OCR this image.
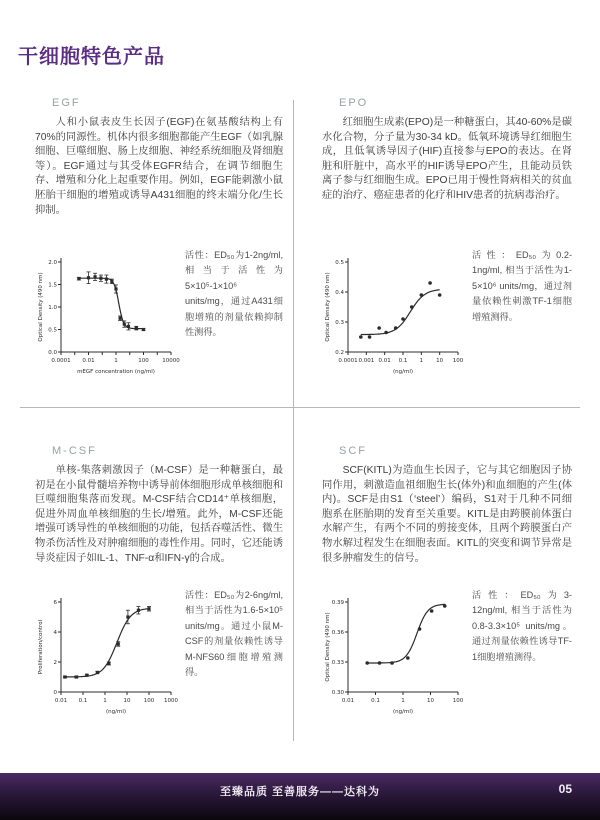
干细胞特色产品
EGF

人和小鼠表皮生长因子(EGF)在氨基酸结构上有70%的同源性。机体内很多细胞都能产生EGF（如乳腺细胞、巨噬细胞、肠上皮细胞、神经系统细胞及肾细胞等）。EGF通过与其受体EGFR结合，在调节细胞生存、增殖和分化上起重要作用。例如，EGF能刺激小鼠胚胎干细胞的增殖或诱导A431细胞的终末端分化/生长抑制。

0.0
0.5
1.0
1.5
2.0
0.0001 0.01	1	100 10000
mEGF concentration (ng/ml)
Optical Density (490 nm)

活性：ED₅₀为1-2ng/ml, 相当于活性为5×10⁵-1×10⁶ units/mg，通过A431细胞增殖的剂量依赖抑制性测得。

EPO

红细胞生成素(EPO)是一种糖蛋白，其40-60%是碳水化合物，分子量为30-34 kD。低氧环境诱导红细胞生成，且低氧诱导因子(HIF)直接参与EPO的表达。在肾脏和肝脏中，高水平的HIF诱导EPO产生，且能动员铁离子参与红细胞生成。EPO已用于慢性肾病相关的贫血症的治疗、癌症患者的化疗和HIV患者的抗病毒治疗。

0.2
0.3
0.4
0.5
0.0001 0.001 0.01 0.1 1 10 100
(ng/ml)
Optical Density (490 nm)

活性：ED₅₀为0.2-1ng/ml, 相当于活性为1-5×10⁶ units/mg，通过剂量依赖性刺激TF-1细胞增殖测得。

M-CSF

单核-集落刺激因子（M-CSF）是一种糖蛋白，最初是在小鼠骨髓培养物中诱导前体细胞形成单核细胞和巨噬细胞集落而发现。M-CSF结合CD14⁺单核细胞，促进外周血单核细胞的生长/增殖。此外，M-CSF还能增强可诱导性的单核细胞的功能，包括吞噬活性、微生物杀伤活性及对肿瘤细胞的毒性作用。同时，它还能诱导炎症因子如IL-1、TNF-α和IFN-γ的合成。

0
2
4
6
0.01 0.1	1	10 100 1000
(ng/ml)
Proliferation/control

活性：ED₅₀为2-6ng/ml, 相当于活性为1.6-5×10⁵ units/mg。通过小鼠M-CSF的剂量依赖性诱导M-NFS60细胞增殖测得。

SCF

SCF(KITL)为造血生长因子，它与其它细胞因子协同作用，刺激造血祖细胞生长(体外)和血细胞的产生(体内)。SCF是由S1（‘steel’）编码，S1对于几种不同细胞系在胚胎期的发育至关重要。KITL是由跨膜前体蛋白水解产生，有两个不同的剪接变体，且两个跨膜蛋白产物水解过程发生在细胞表面。KITL的突变和调节异常是很多肿瘤发生的信号。

0.30
0.33
0.36
0.39
0.01	0.1	1	10	100
(ng/ml)
Optical Density (490 nm)

活性：ED₅₀为3-12ng/ml, 相当于活性为0.8-3.3×10⁵ units/mg。通过剂量依赖性诱导TF-1细胞增殖测得。

至臻品质 至善服务——达科为	05
